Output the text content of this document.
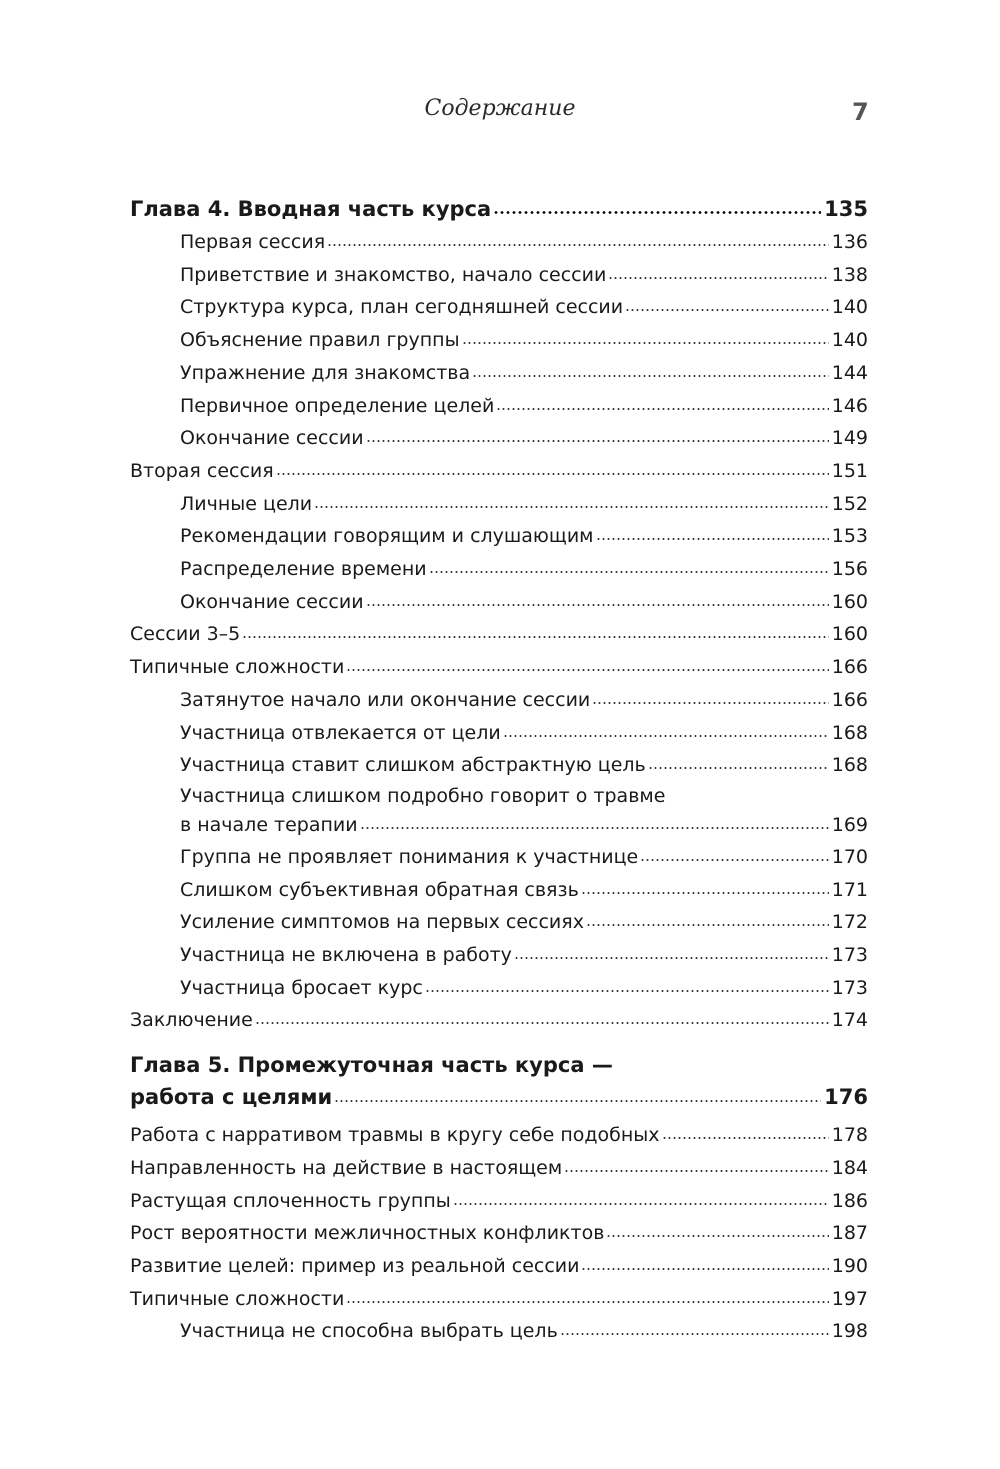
Содержание	7
Глава 4. Вводная часть курса	135
Первая сессия	136
Приветствие и знакомство, начало сессии	138
Структура курса, план сегодняшней сессии	140
Объяснение правил группы	140
Упражнение для знакомства	144
Первичное определение целей	146
Окончание сессии	149
Вторая сессия	151
Личные цели	152
Рекомендации говорящим и слушающим	153
Распределение времени	156
Окончание сессии	160
Сессии 3–5	160
Типичные сложности	166
Затянутое начало или окончание сессии	166
Участница отвлекается от цели	168
Участница ставит слишком абстрактную цель	168
Участница слишком подробно говорит о травме
в начале терапии	169
Группа не проявляет понимания к участнице	170
Слишком субъективная обратная связь	171
Усиление симптомов на первых сессиях	172
Участница не включена в работу	173
Участница бросает курс	173
Заключение	174
Глава 5. Промежуточная часть курса —
работа с целями	176
Работа с нарративом травмы в кругу себе подобных	178
Направленность на действие в настоящем	184
Растущая сплоченность группы	186
Рост вероятности межличностных конфликтов	187
Развитие целей: пример из реальной сессии	190
Типичные сложности	197
Участница не способна выбрать цель	198
